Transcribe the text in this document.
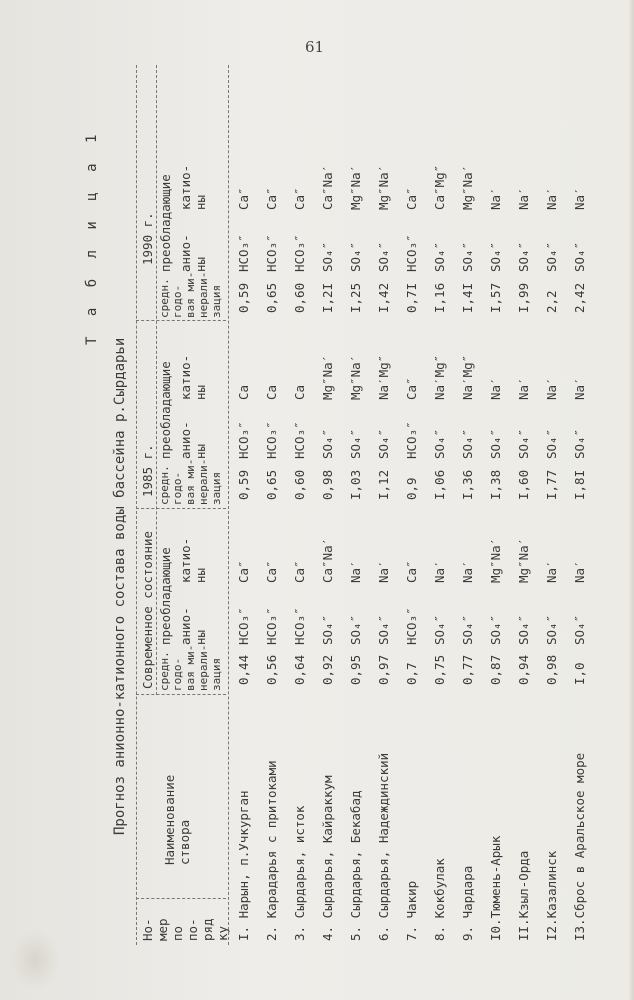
61
Т а б л и ц а 1
Прогноз анионно-катионного состава воды бассейна р.Сырдарьи
Но-
мер
по
по-
ряд
ку
Наименование
створa
Современное состояние
1985 г.
1990 г.
средн.
годо-
вая ми-
нерали-
зация
преобладающие анио-
ны
катио-
ны
средн.
годо-
вая ми-
нерали-
зация
преобладающие анио-
ны
катио-
ны
средн.
годо-
вая ми-
нерали-
зация
преобладающие анио-
ны
катио-
ны
I. Нарын, п.Учкурган
0,44
HCO₃″
Ca″
0,59
HCO₃″
Ca
0,59
HCO₃″
Ca″
2. Карадарья с притоками
0,56
HCO₃″
Ca″
0,65
HCO₃″
Ca
0,65
HCO₃″
Ca″
3. Сырдарья, исток
0,64
HCO₃″
Ca″
0,60
HCO₃″
Ca
0,60
HCO₃″
Ca″
4. Сырдарья, Кайраккум
0,92
SO₄″
Ca″Na′
0,98
SO₄″
Mg″Na′
I,2I
SO₄″
Ca″Na′
5. Сырдарья, Бекабад
0,95
SO₄″
Na′
I,03
SO₄″
Mg″Na′
I,25
SO₄″
Mg″Na′
6. Сырдарья, Надеждинский
0,97
SO₄″
Na′
I,12
SO₄″
Na′Mg″
I,42
SO₄″
Mg″Na′
7. Чакир
0,7
HCO₃″
Ca″
0,9
HCO₃″
Ca″
0,7I
HCO₃″
Ca″
8. Кокбулак
0,75
SO₄″
Na′
I,06
SO₄″
Na′Mg″
I,16
SO₄″
Ca″Mg″
9. Чардара
0,77
SO₄″
Na′
I,36
SO₄″
Na′Mg″
I,4I
SO₄″
Mg″Na′
I0.Тюмень-Арык
0,87
SO₄″
Mg″Na′
I,38
SO₄″
Na′
I,57
SO₄″
Na′
II.Кзыл-Орда
0,94
SO₄″
Mg″Na′
I,60
SO₄″
Na′
I,99
SO₄″
Na′
I2.Казалинск
0,98
SO₄″
Na′
I,77
SO₄″
Na′
2,2
SO₄″
Na′
I3.Сброс в Аральское море
I,0
SO₄″
Na′
I,8I
SO₄″
Na′
2,42
SO₄″
Na′
